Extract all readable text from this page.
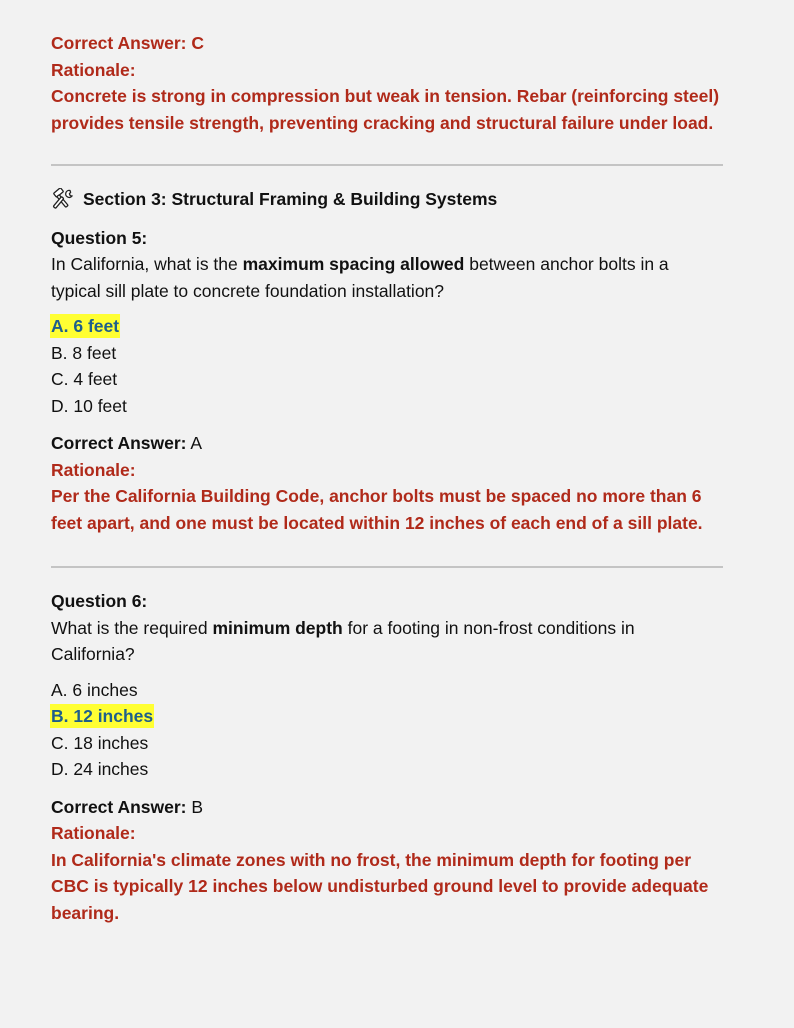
Correct Answer: C
Rationale:
Concrete is strong in compression but weak in tension. Rebar (reinforcing steel)
provides tensile strength, preventing cracking and structural failure under load.
Section 3: Structural Framing & Building Systems
Question 5:
In California, what is the maximum spacing allowed between anchor bolts in a
typical sill plate to concrete foundation installation?
A. 6 feet
B. 8 feet
C. 4 feet
D. 10 feet
Correct Answer: A
Rationale:
Per the California Building Code, anchor bolts must be spaced no more than 6
feet apart, and one must be located within 12 inches of each end of a sill plate.
Question 6:
What is the required minimum depth for a footing in non-frost conditions in
California?
A. 6 inches
B. 12 inches
C. 18 inches
D. 24 inches
Correct Answer: B
Rationale:
In California's climate zones with no frost, the minimum depth for footing per
CBC is typically 12 inches below undisturbed ground level to provide adequate
bearing.
